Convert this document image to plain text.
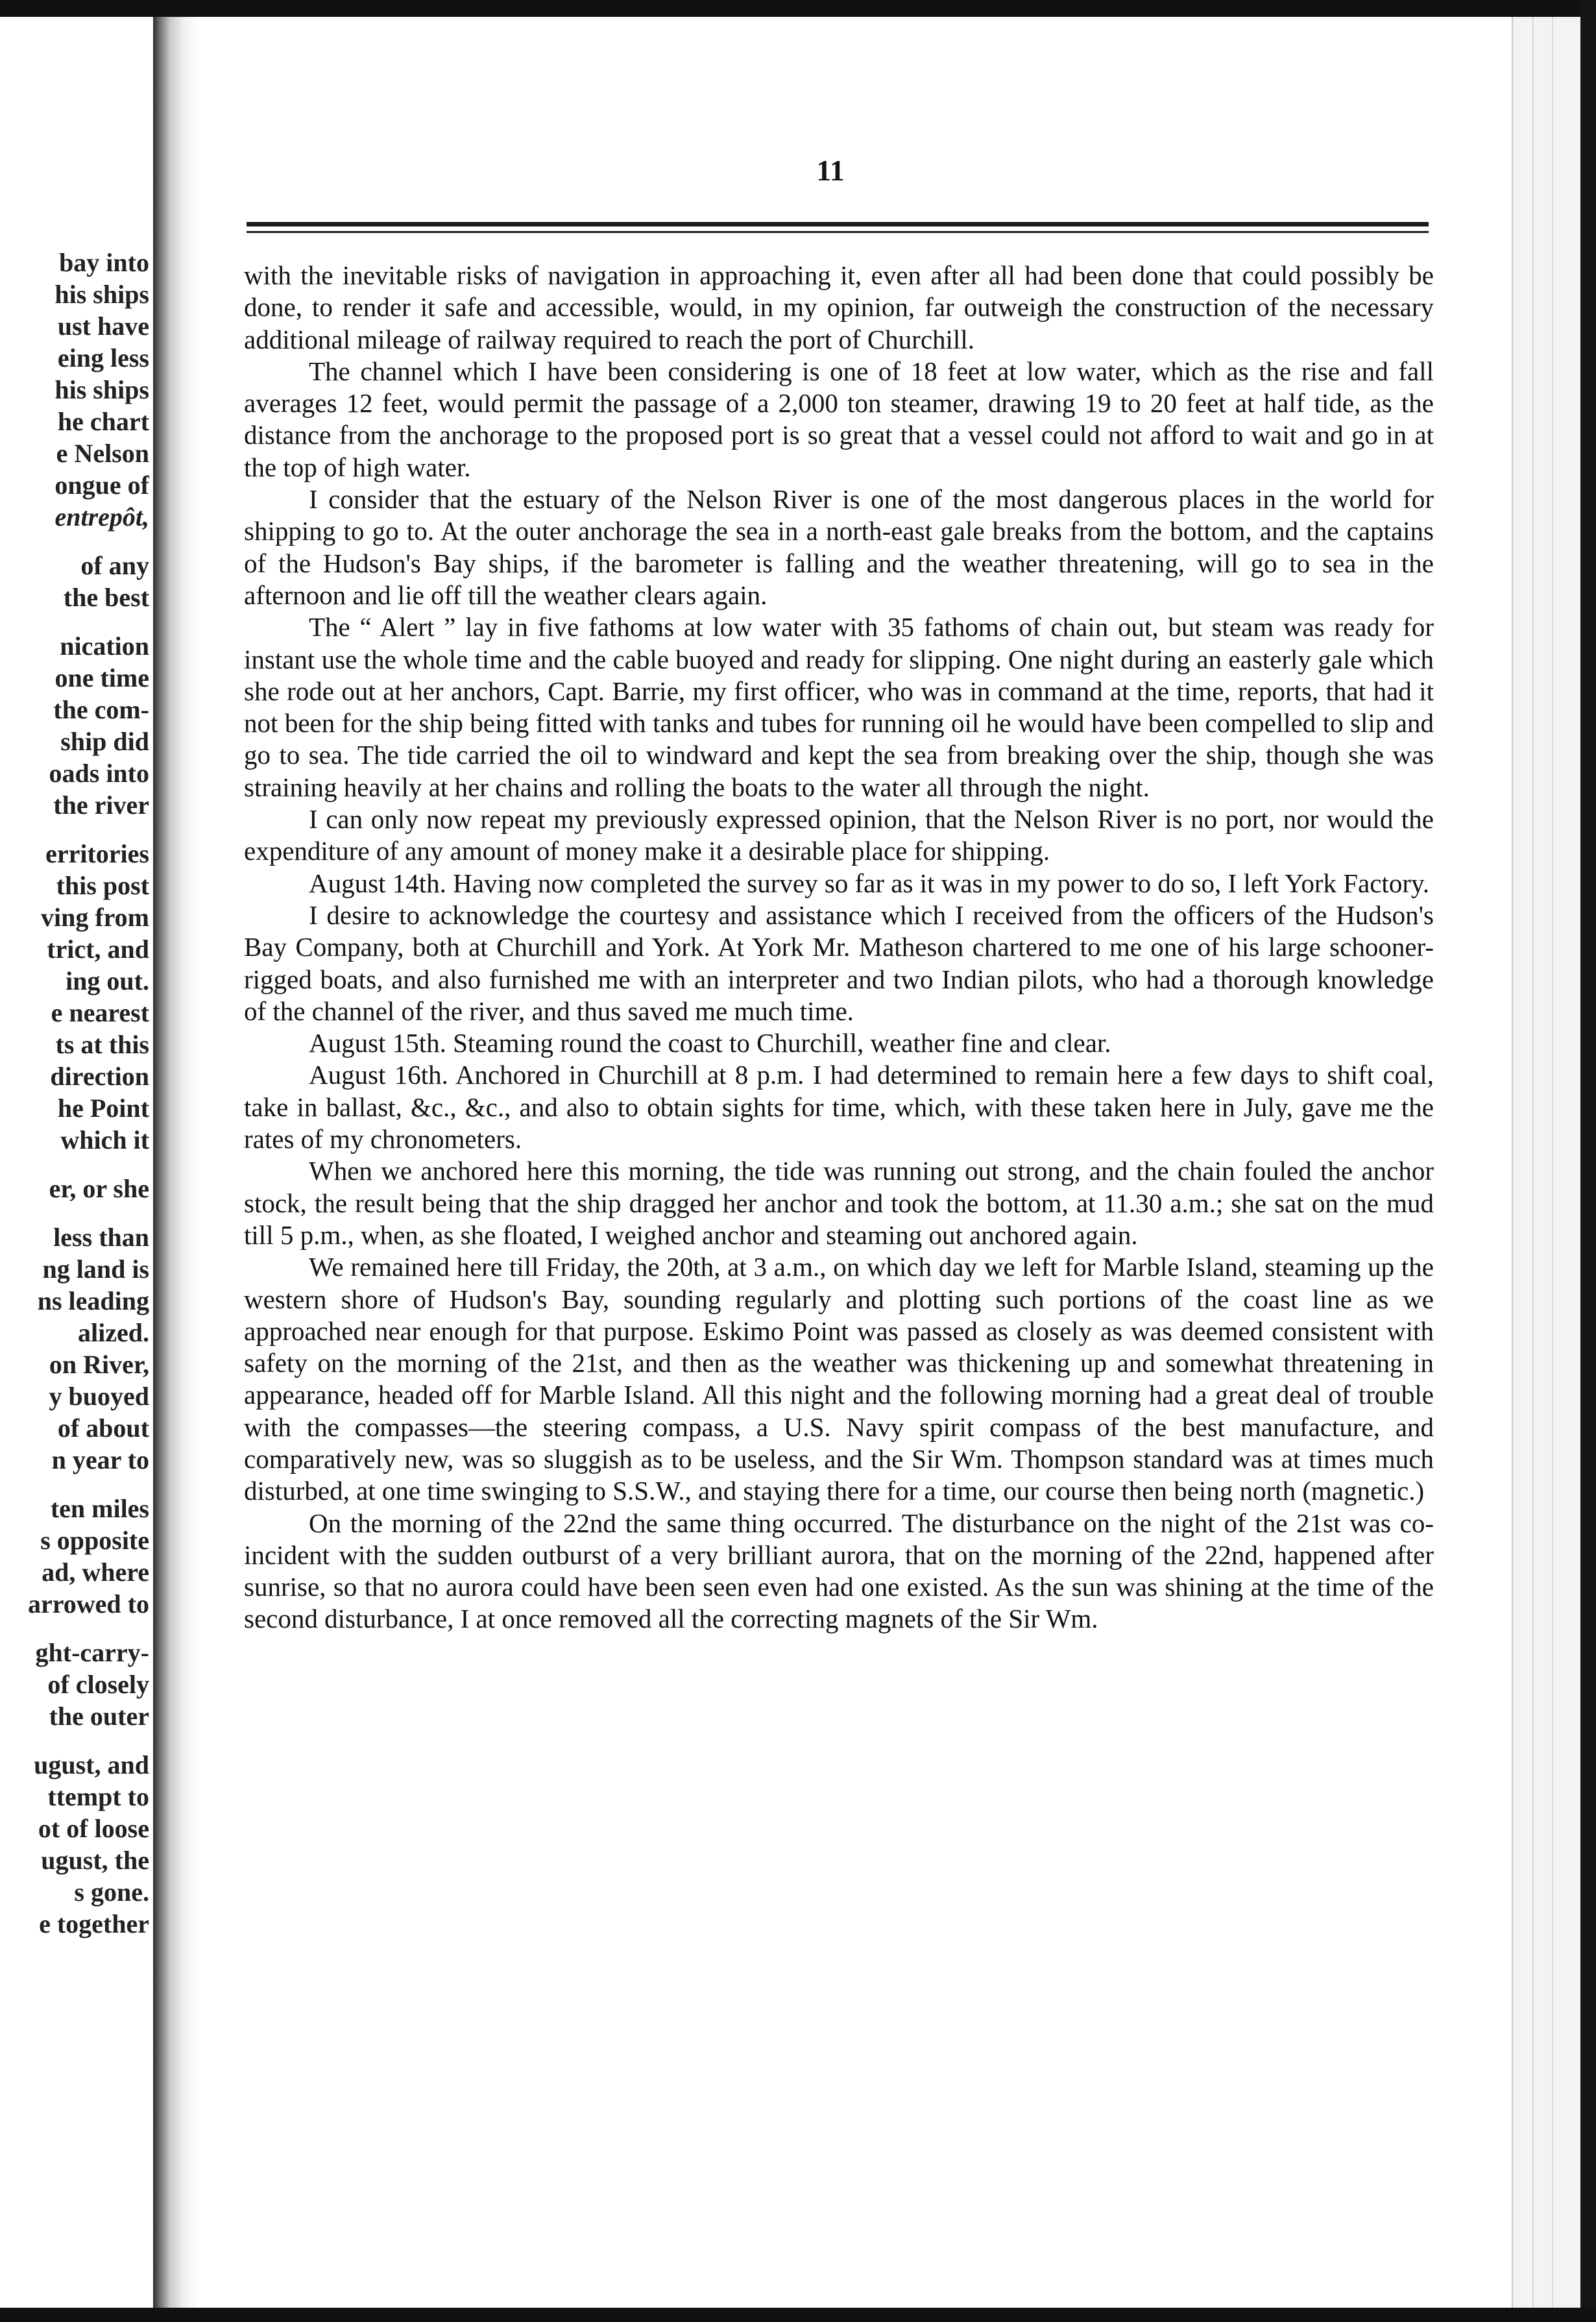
bay into
his ships
ust have
eing less
his ships
he chart
e Nelson
ongue of
entrepôt,
of any
the best
nication
one time
the com-
ship did
oads into
the river
erritories
this post
ving from
trict, and
ing out.
e nearest
ts at this
direction
he Point
which it
er, or she
less than
ng land is
ns leading
alized.
on River,
y buoyed
of about
n year to
ten miles
s opposite
ad, where
arrowed to
ght-carry-
of closely
the outer
ugust, and
ttempt to
ot of loose
ugust, the
s gone.
e together
11

with the inevitable risks of navigation in approaching it, even after all had been done that could possibly be done, to render it safe and accessible, would, in my opinion, far outweigh the construction of the necessary additional mileage of railway required to reach the port of Churchill.

The channel which I have been considering is one of 18 feet at low water, which as the rise and fall averages 12 feet, would permit the passage of a 2,000 ton steamer, drawing 19 to 20 feet at half tide, as the distance from the anchorage to the proposed port is so great that a vessel could not afford to wait and go in at the top of high water.

I consider that the estuary of the Nelson River is one of the most dangerous places in the world for shipping to go to. At the outer anchorage the sea in a north-east gale breaks from the bottom, and the captains of the Hudson's Bay ships, if the barometer is falling and the weather threatening, will go to sea in the afternoon and lie off till the weather clears again.

The “ Alert ” lay in five fathoms at low water with 35 fathoms of chain out, but steam was ready for instant use the whole time and the cable buoyed and ready for slipping. One night during an easterly gale which she rode out at her anchors, Capt. Barrie, my first officer, who was in command at the time, reports, that had it not been for the ship being fitted with tanks and tubes for running oil he would have been compelled to slip and go to sea. The tide carried the oil to windward and kept the sea from breaking over the ship, though she was straining heavily at her chains and rolling the boats to the water all through the night.

I can only now repeat my previously expressed opinion, that the Nelson River is no port, nor would the expenditure of any amount of money make it a desirable place for shipping.

August 14th. Having now completed the survey so far as it was in my power to do so, I left York Factory.

I desire to acknowledge the courtesy and assistance which I received from the officers of the Hudson's Bay Company, both at Churchill and York. At York Mr. Matheson chartered to me one of his large schooner-rigged boats, and also furnished me with an interpreter and two Indian pilots, who had a thorough knowledge of the channel of the river, and thus saved me much time.

August 15th. Steaming round the coast to Churchill, weather fine and clear.

August 16th. Anchored in Churchill at 8 p.m. I had determined to remain here a few days to shift coal, take in ballast, &c., &c., and also to obtain sights for time, which, with these taken here in July, gave me the rates of my chronometers.

When we anchored here this morning, the tide was running out strong, and the chain fouled the anchor stock, the result being that the ship dragged her anchor and took the bottom, at 11.30 a.m.; she sat on the mud till 5 p.m., when, as she floated, I weighed anchor and steaming out anchored again.

We remained here till Friday, the 20th, at 3 a.m., on which day we left for Marble Island, steaming up the western shore of Hudson's Bay, sounding regularly and plotting such portions of the coast line as we approached near enough for that purpose. Eskimo Point was passed as closely as was deemed consistent with safety on the morning of the 21st, and then as the weather was thickening up and somewhat threatening in appearance, headed off for Marble Island. All this night and the following morning had a great deal of trouble with the compasses—the steering compass, a U.S. Navy spirit compass of the best manufacture, and comparatively new, was so sluggish as to be useless, and the Sir Wm. Thompson standard was at times much disturbed, at one time swinging to S.S.W., and staying there for a time, our course then being north (magnetic.)

On the morning of the 22nd the same thing occurred. The disturbance on the night of the 21st was co-incident with the sudden outburst of a very brilliant aurora, that on the morning of the 22nd, happened after sunrise, so that no aurora could have been seen even had one existed. As the sun was shining at the time of the second disturbance, I at once removed all the correcting magnets of the Sir Wm.
